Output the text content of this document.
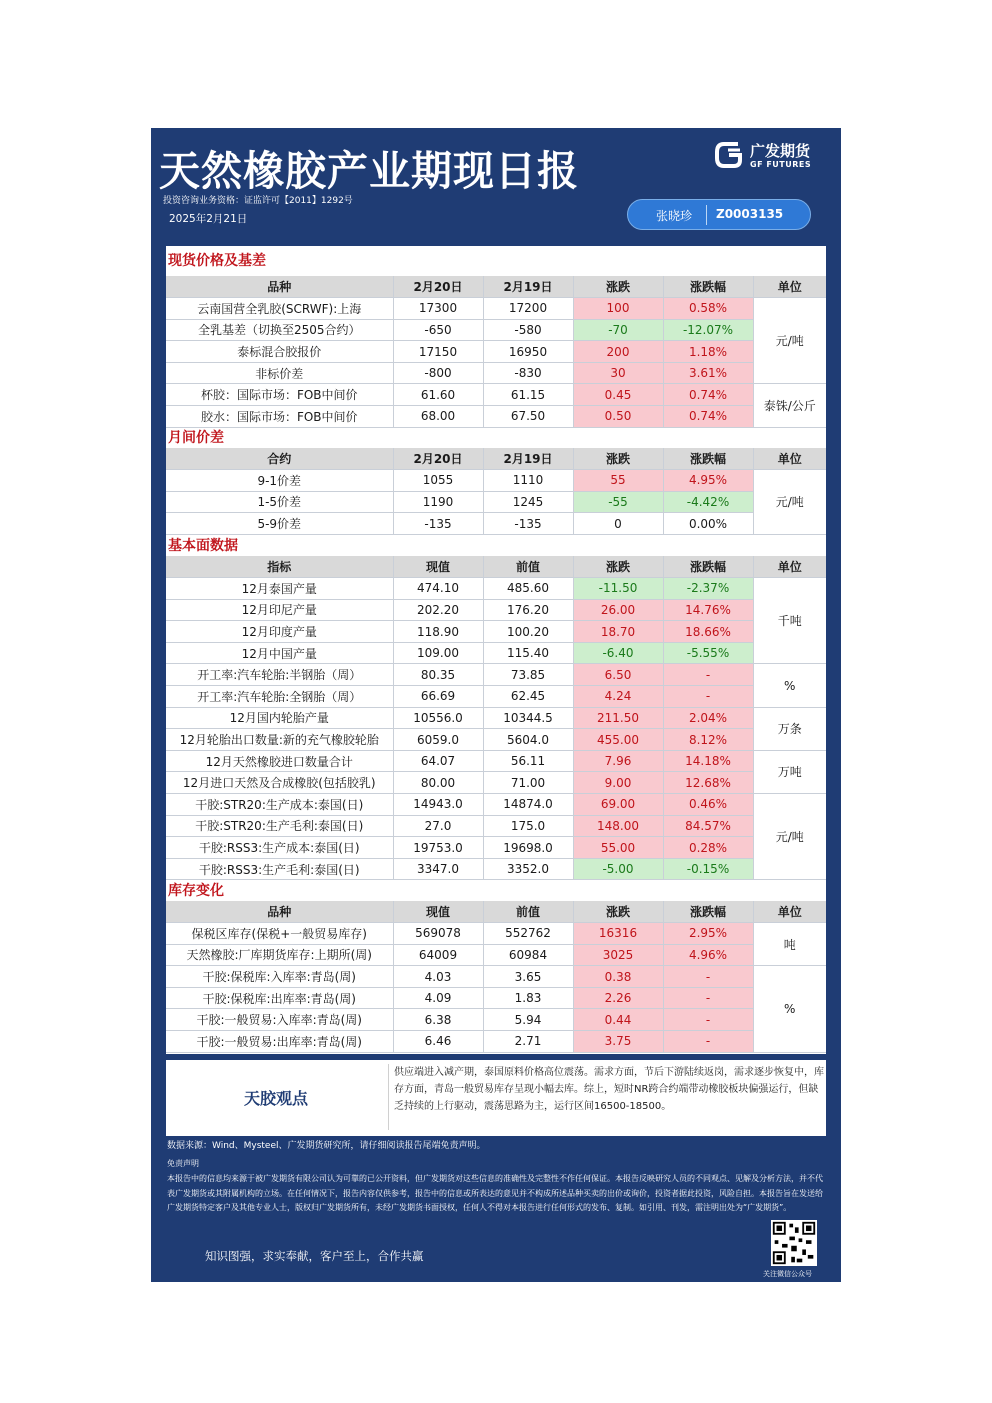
天然橡胶产业期现日报
投资咨询业务资格：证监许可【2011】1292号
2025年2月21日
广发期货
GF FUTURES
张晓珍 Z0003135
现货价格及基差
品种	2月20日	2月19日	涨跌	涨跌幅	单位
云南国营全乳胶(SCRWF):上海	17300	17200	100	0.58%	元/吨
全乳基差（切换至2505合约）	-650	-580	-70	-12.07%	
泰标混合胶报价	17150	16950	200	1.18%	
非标价差	-800	-830	30	3.61%	
杯胶：国际市场：FOB中间价	61.60	61.15	0.45	0.74%	泰铢/公斤
胶水：国际市场：FOB中间价	68.00	67.50	0.50	0.74%	
月间价差
合约	2月20日	2月19日	涨跌	涨跌幅	单位
9-1价差	1055	1110	55	4.95%	元/吨
1-5价差	1190	1245	-55	-4.42%	
5-9价差	-135	-135	0	0.00%	
基本面数据
指标	现值	前值	涨跌	涨跌幅	单位
12月泰国产量	474.10	485.60	-11.50	-2.37%	千吨
12月印尼产量	202.20	176.20	26.00	14.76%	
12月印度产量	118.90	100.20	18.70	18.66%	
12月中国产量	109.00	115.40	-6.40	-5.55%	
开工率:汽车轮胎:半钢胎（周）	80.35	73.85	6.50	-	%
开工率:汽车轮胎:全钢胎（周）	66.69	62.45	4.24	-	
12月国内轮胎产量	10556.0	10344.5	211.50	2.04%	万条
12月轮胎出口数量:新的充气橡胶轮胎	6059.0	5604.0	455.00	8.12%	
12月天然橡胶进口数量合计	64.07	56.11	7.96	14.18%	万吨
12月进口天然及合成橡胶(包括胶乳)	80.00	71.00	9.00	12.68%	
干胶:STR20:生产成本:泰国(日)	14943.0	14874.0	69.00	0.46%	元/吨
干胶:STR20:生产毛利:泰国(日)	27.0	175.0	148.00	84.57%	
干胶:RSS3:生产成本:泰国(日)	19753.0	19698.0	55.00	0.28%	
干胶:RSS3:生产毛利:泰国(日)	3347.0	3352.0	-5.00	-0.15%	
库存变化
品种	现值	前值	涨跌	涨跌幅	单位
保税区库存(保税+一般贸易库存)	569078	552762	16316	2.95%	吨
天然橡胶:厂库期货库存:上期所(周)	64009	60984	3025	4.96%	
干胶:保税库:入库率:青岛(周)	4.03	3.65	0.38	-	%
干胶:保税库:出库率:青岛(周)	4.09	1.83	2.26	-	
干胶:一般贸易:入库率:青岛(周)	6.38	5.94	0.44	-	
干胶:一般贸易:出库率:青岛(周)	6.46	2.71	3.75	-	
天胶观点
供应端进入减产期，泰国原料价格高位震荡。需求方面，节后下游陆续返岗，需求逐步恢复中，库存方面，青岛一般贸易库存呈现小幅去库。综上，短时NR跨合约端带动橡胶板块偏强运行，但缺乏持续的上行驱动，震荡思路为主，运行区间16500-18500。
数据来源：Wind、Mysteel、广发期货研究所，请仔细阅读报告尾端免责声明。
免责声明
本报告中的信息均来源于被广发期货有限公司认为可靠的已公开资料，但广发期货对这些信息的准确性及完整性不作任何保证。本报告反映研究人员的不同观点、见解及分析方法，并不代表广发期货或其附属机构的立场。在任何情况下，报告内容仅供参考，报告中的信息或所表达的意见并不构成所述品种买卖的出价或询价，投资者据此投资，风险自担。本报告旨在发送给广发期货特定客户及其他专业人士，版权归广发期货所有，未经广发期货书面授权，任何人不得对本报告进行任何形式的发布、复制。如引用、刊发，需注明出处为“广发期货”。
知识图强，求实奉献，客户至上，合作共赢
关注微信公众号
